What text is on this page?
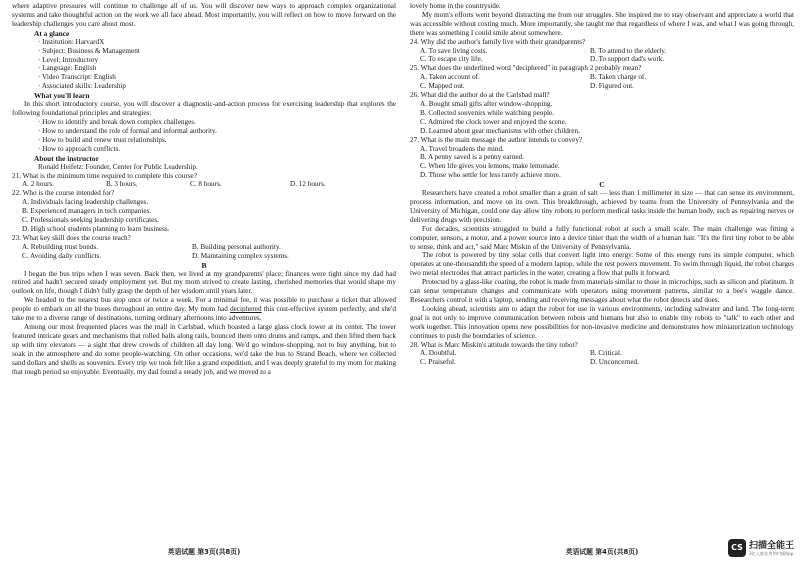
where adaptive pressures will continue to challenge all of us. You will discover new ways to approach complex organizational systems and take thoughtful action on the work we all face ahead. Most importantly, you will reflect on how to move forward on the leadership challenges you care about most.

At a glance

· Institution: HarvardX

· Subject: Business & Management

· Level: Introductory

· Language: English

· Video Transcript: English

· Associated skills: Leadership

What you'll learn

In this short introductory course, you will discover a diagnostic-and-action process for exercising leadership that explores the following foundational principles and strategies:

· How to identify and break down complex challenges.

· How to understand the role of formal and informal authority.

· How to build and renew trust relationships.

· How to approach conflicts.

About the instructor

Ronald Heifetz: Founder, Center for Public Leadership.

21. What is the minimum time required to complete this course?

A. 2 hours.	B. 3 hours.	C. 8 hours.	D. 12 hours.

22. Who is the course intended for?

A. Individuals facing leadership challenges.
B. Experienced managers in tech companies.
C. Professionals seeking leadership certificates.
D. High school students planning to learn business.

23. What key skill does the course teach?

A. Rebuilding trust bonds.	B. Building personal authority.
C. Avoiding daily conflicts.	D. Maintaining complex systems.

B

I began the bus trips when I was seven. Back then, we lived at my grandparents' place; finances were tight since my dad had retired and hadn't secured steady employment yet. But my mom strived to create lasting, cherished memories that would shape my outlook on life, though I didn't fully grasp the depth of her wisdom until years later.

We headed to the nearest bus stop once or twice a week. For a minimal fee, it was possible to purchase a ticket that allowed people to embark on all the buses throughout an entire day. My mom had deciphered this cost-effective system perfectly, and she'd take me to a diverse range of destinations, turning ordinary afternoons into adventures.

Among our most frequented places was the mall in Carlsbad, which boasted a large glass clock tower at its center. The tower featured intricate gears and mechanisms that rolled balls along rails, bounced them onto drums and ramps, and then lifted them back up with tiny elevators — a sight that drew crowds of children all day long. We'd go window-shopping, not to buy anything, but to soak in the atmosphere and do some people-watching. On other occasions, we'd take the bus to Strand Beach, where we collected sand dollars and shells as souvenirs. Every trip we took felt like a grand expedition, and I was deeply grateful to my mom for making that tough period so enjoyable. Eventually, my dad found a steady job, and we moved to a

英语试题 第3页(共8页)

lovely home in the countryside.

My mom's efforts went beyond distracting me from our struggles. She inspired me to stay observant and appreciate a world that was accessible without costing much. More importantly, she taught me that regardless of where I was, and what I was going through, there was something I could smile about somewhere.

24. Why did the author's family live with their grandparents?

A. To save living costs.	B. To attend to the elderly.
C. To escape city life.	D. To support dad's work.

25. What does the underlined word "deciphered" in paragraph 2 probably mean?

A. Taken account of.	B. Taken charge of.
C. Mapped out.	D. Figured out.

26. What did the author do at the Carlsbad mall?

A. Bought small gifts after window-shopping.
B. Collected souvenirs while watching people.
C. Admired the clock tower and enjoyed the scene.
D. Learned about gear mechanisms with other children.

27. What is the main message the author intends to convey?

A. Travel broadens the mind.
B. A penny saved is a penny earned.
C. When life gives you lemons, make lemonade.
D. Those who settle for less rarely achieve more.

C

Researchers have created a robot smaller than a grain of salt — less than 1 millimeter in size — that can sense its environment, process information, and move on its own. This breakthrough, achieved by teams from the University of Pennsylvania and the University of Michigan, could one day allow tiny robots to perform medical tasks inside the human body, such as repairing nerves or delivering drugs with precision.

For decades, scientists struggled to build a fully functional robot at such a small scale. The main challenge was fitting a computer, sensors, a motor, and a power source into a device tinier than the width of a human hair. "It's the first tiny robot to be able to sense, think and act," said Marc Miskin of the University of Pennsylvania.

The robot is powered by tiny solar cells that convert light into energy. Some of this energy runs its simple computer, which operates at one-thousandth the speed of a modern laptop, while the rest powers movement. To swim through liquid, the robot charges two metal electrodes that attract particles in the water, creating a flow that pulls it forward.

Protected by a glass-like coating, the robot is made from materials similar to those in microchips, such as silicon and platinum. It can sense temperature changes and communicate with operators using movement patterns, similar to a bee's waggle dance. Researchers control it with a laptop, sending and receiving messages about what the robot detects and does.

Looking ahead, scientists aim to adapt the robot for use in various environments, including saltwater and land. The long-term goal is not only to improve communication between robots and humans but also to enable tiny robots to "talk" to each other and work together. This innovation opens new possibilities for non-invasive medicine and demonstrates how miniaturization technology continues to push the boundaries of science.

28. What is Marc Miskin's attitude towards the tiny robot?

A. Doubtful.	B. Critical.
C. Praiseful.	D. Unconcerned.
英语试题 第4页(共8页)	CS 扫描全能王
3亿人都在用的扫描App
